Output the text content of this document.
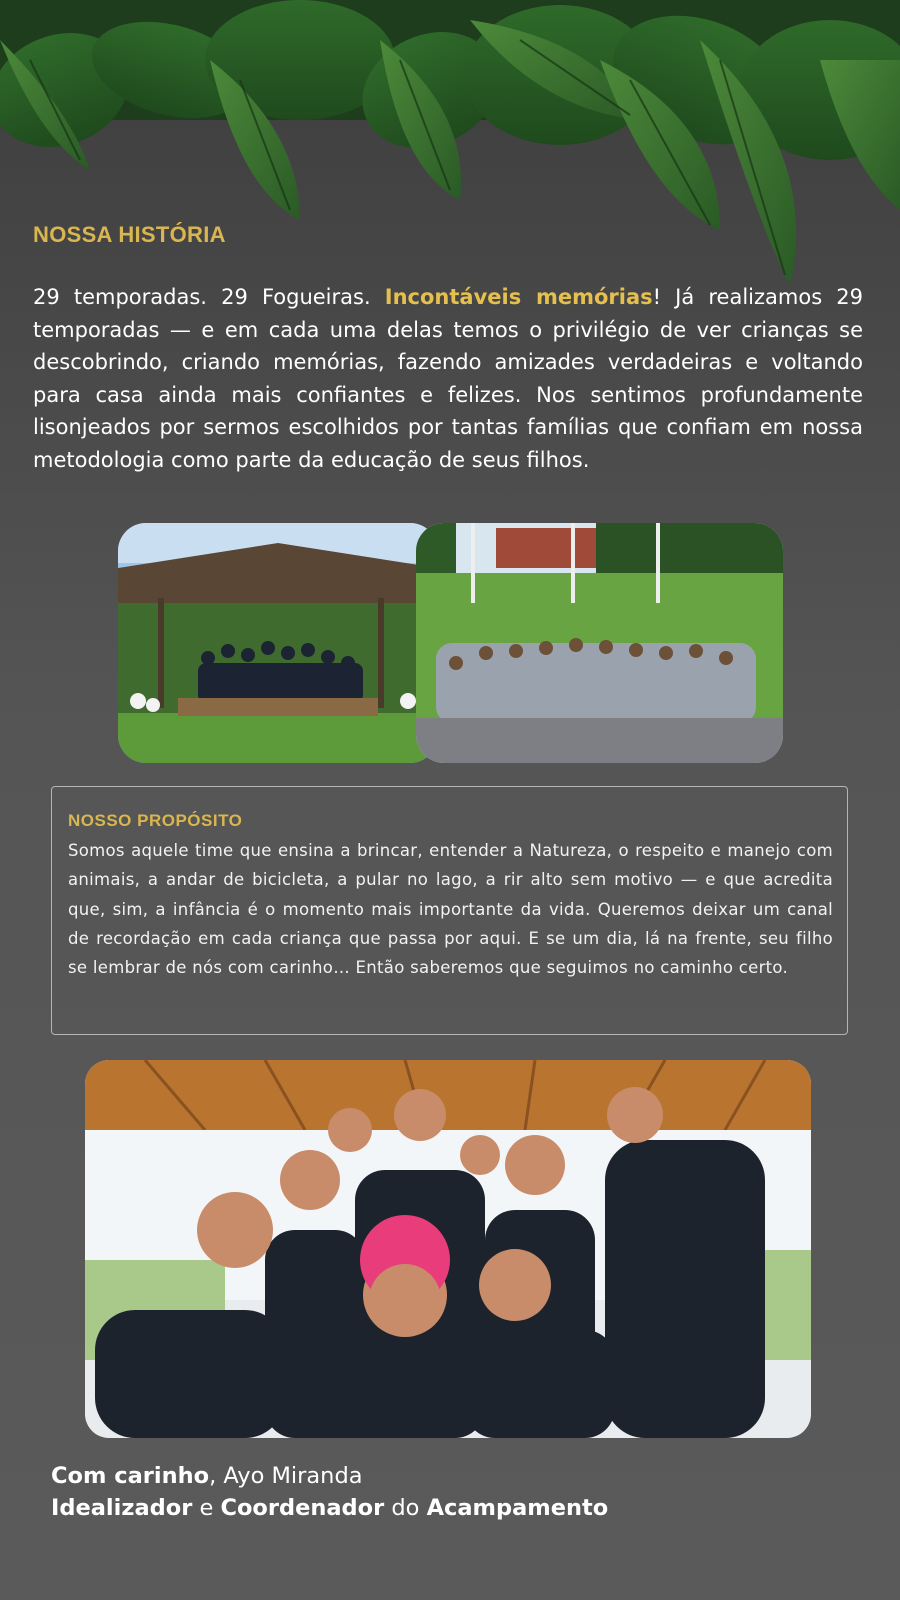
NOSSA HISTÓRIA
29 temporadas. 29 Fogueiras. Incontáveis memórias! Já realizamos 29 temporadas — e em cada uma delas temos o privilégio de ver crianças se descobrindo, criando memórias, fazendo amizades verdadeiras e voltando para casa ainda mais confiantes e felizes. Nos sentimos profundamente lisonjeados por sermos escolhidos por tantas famílias que confiam em nossa metodologia como parte da educação de seus filhos.
NOSSO PROPÓSITO
Somos aquele time que ensina a brincar, entender a Natureza, o respeito e manejo com animais, a andar de bicicleta, a pular no lago, a rir alto sem motivo — e que acredita que, sim, a infância é o momento mais importante da vida. Queremos deixar um canal de recordação em cada criança que passa por aqui. E se um dia, lá na frente, seu filho se lembrar de nós com carinho… Então saberemos que seguimos no caminho certo.
Com carinho, Ayo Miranda
Idealizador e Coordenador do Acampamento
